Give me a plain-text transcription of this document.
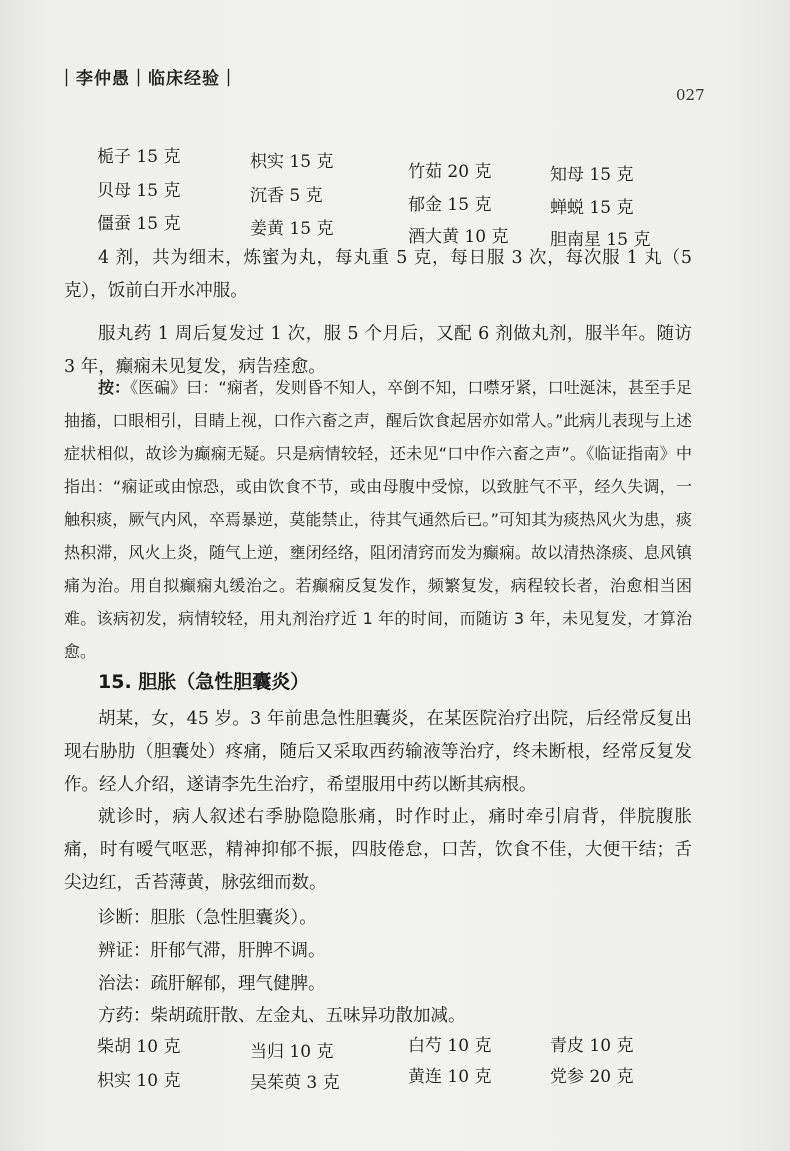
｜李仲愚｜临床经验｜
027
栀子 15 克	枳实 15 克	竹茹 20 克	知母 15 克
贝母 15 克	沉香 5 克	郁金 15 克	蝉蜕 15 克
僵蚕 15 克	姜黄 15 克	酒大黄 10 克 胆南星 15 克
4 剂，共为细末，炼蜜为丸，每丸重 5 克，每日服 3 次，每次服 1 丸（5 克），饭前白开水冲服。
服丸药 1 周后复发过 1 次，服 5 个月后，又配 6 剂做丸剂，服半年。随访 3 年，癫痫未见复发，病告痊愈。
按：《医碥》曰：“痫者，发则昏不知人，卒倒不知，口噤牙紧，口吐涎沫，甚至手足抽搐，口眼相引，目睛上视，口作六畜之声，醒后饮食起居亦如常人。”此病儿表现与上述症状相似，故诊为癫痫无疑。只是病情较轻，还未见“口中作六畜之声”。《临证指南》中指出：“痫证或由惊恐，或由饮食不节，或由母腹中受惊，以致脏气不平，经久失调，一触积痰，厥气内风，卒焉暴逆，莫能禁止，待其气通然后已。”可知其为痰热风火为患，痰热积滞，风火上炎，随气上逆，壅闭经络，阻闭清窍而发为癫痫。故以清热涤痰、息风镇痛为治。用自拟癫痫丸缓治之。若癫痫反复发作，频繁复发，病程较长者，治愈相当困难。该病初发，病情较轻，用丸剂治疗近 1 年的时间，而随访 3 年，未见复发，才算治愈。
15. 胆胀（急性胆囊炎）
胡某，女，45 岁。3 年前患急性胆囊炎，在某医院治疗出院，后经常反复出现右胁肋（胆囊处）疼痛，随后又采取西药输液等治疗，终未断根，经常反复发作。经人介绍，遂请李先生治疗，希望服用中药以断其病根。
就诊时，病人叙述右季胁隐隐胀痛，时作时止，痛时牵引肩背，伴脘腹胀痛，时有嗳气呕恶，精神抑郁不振，四肢倦怠，口苦，饮食不佳，大便干结；舌尖边红，舌苔薄黄，脉弦细而数。
诊断：胆胀（急性胆囊炎）。
辨证：肝郁气滞，肝脾不调。
治法：疏肝解郁，理气健脾。
方药：柴胡疏肝散、左金丸、五味异功散加减。
柴胡 10 克	当归 10 克	白芍 10 克	青皮 10 克
枳实 10 克	吴茱萸 3 克	黄连 10 克	党参 20 克
